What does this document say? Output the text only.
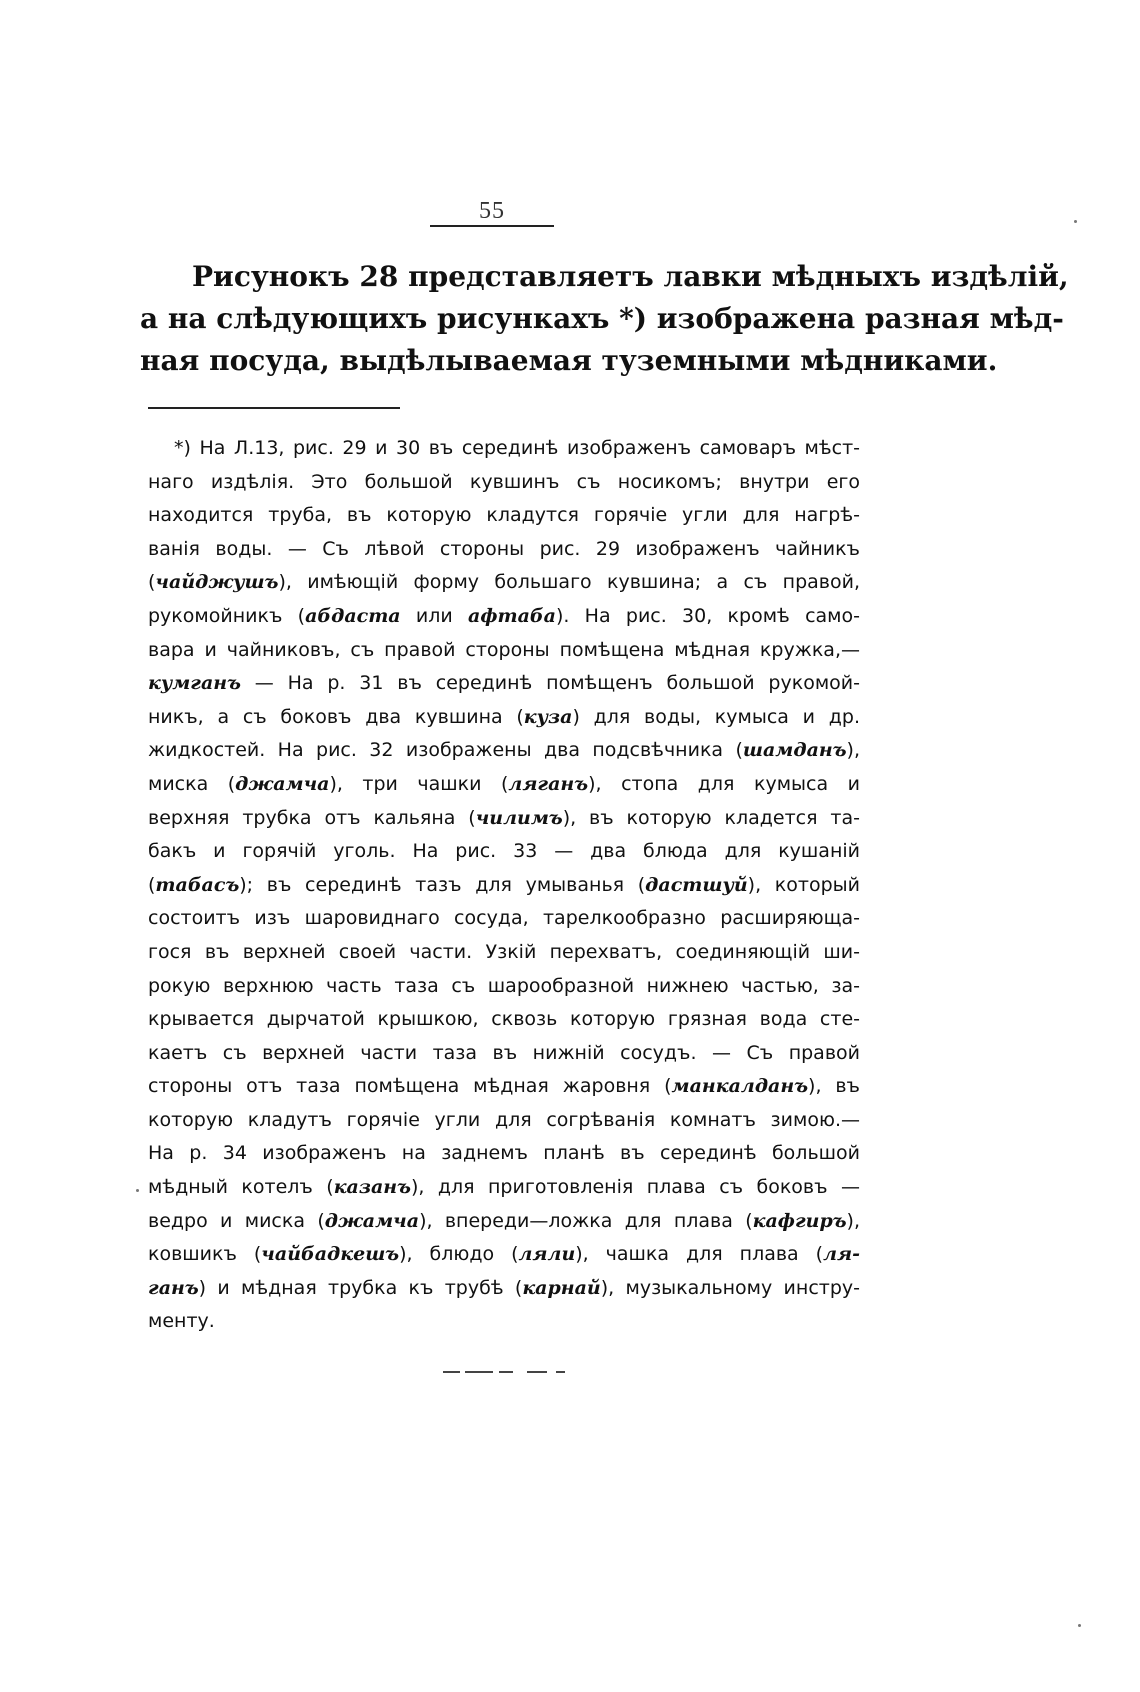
55

Рисунокъ 28 представляетъ лавки мѣдныхъ издѣлій,
а на слѣдующихъ рисункахъ *) изображена разная мѣд-
ная посуда, выдѣлываемая туземными мѣдниками.

*) На Л.13, рис. 29 и 30 въ серединѣ изображенъ самоваръ мѣст-
наго издѣлія. Это большой кувшинъ съ носикомъ; внутри его
находится труба, въ которую кладутся горячіе угли для нагрѣ-
ванія воды. — Съ лѣвой стороны рис. 29 изображенъ чайникъ
(чайджушъ), имѣющій форму большаго кувшина; а съ правой,
рукомойникъ (абдаста или афтаба). На рис. 30, кромѣ само-
вара и чайниковъ, съ правой стороны помѣщена мѣдная кружка,—
кумганъ — На р. 31 въ серединѣ помѣщенъ большой рукомой-
никъ, а съ боковъ два кувшина (куза) для воды, кумыса и др.
жидкостей. На рис. 32 изображены два подсвѣчника (шамданъ),
миска (джамча), три чашки (ляганъ), стопа для кумыса и
верхняя трубка отъ кальяна (чилимъ), въ которую кладется та-
бакъ и горячій уголь. На рис. 33 — два блюда для кушаній
(табасъ); въ серединѣ тазъ для умыванья (дастшуй), который
состоитъ изъ шаровиднаго сосуда, тарелкообразно расширяюща-
гося въ верхней своей части. Узкій перехватъ, соединяющій ши-
рокую верхнюю часть таза съ шарообразной нижнею частью, за-
крывается дырчатой крышкою, сквозь которую грязная вода сте-
каетъ съ верхней части таза въ нижній сосудъ. — Съ правой
стороны отъ таза помѣщена мѣдная жаровня (манкалданъ), въ
которую кладутъ горячіе угли для согрѣванія комнатъ зимою.—
На р. 34 изображенъ на заднемъ планѣ въ серединѣ большой
мѣдный котелъ (казанъ), для приготовленія плава съ боковъ —
ведро и миска (джамча), впереди—ложка для плава (кафгиръ),
ковшикъ (чайбадкешъ), блюдо (ляли), чашка для плава (ля-
ганъ) и мѣдная трубка къ трубѣ (карнай), музыкальному инстру-
менту.
